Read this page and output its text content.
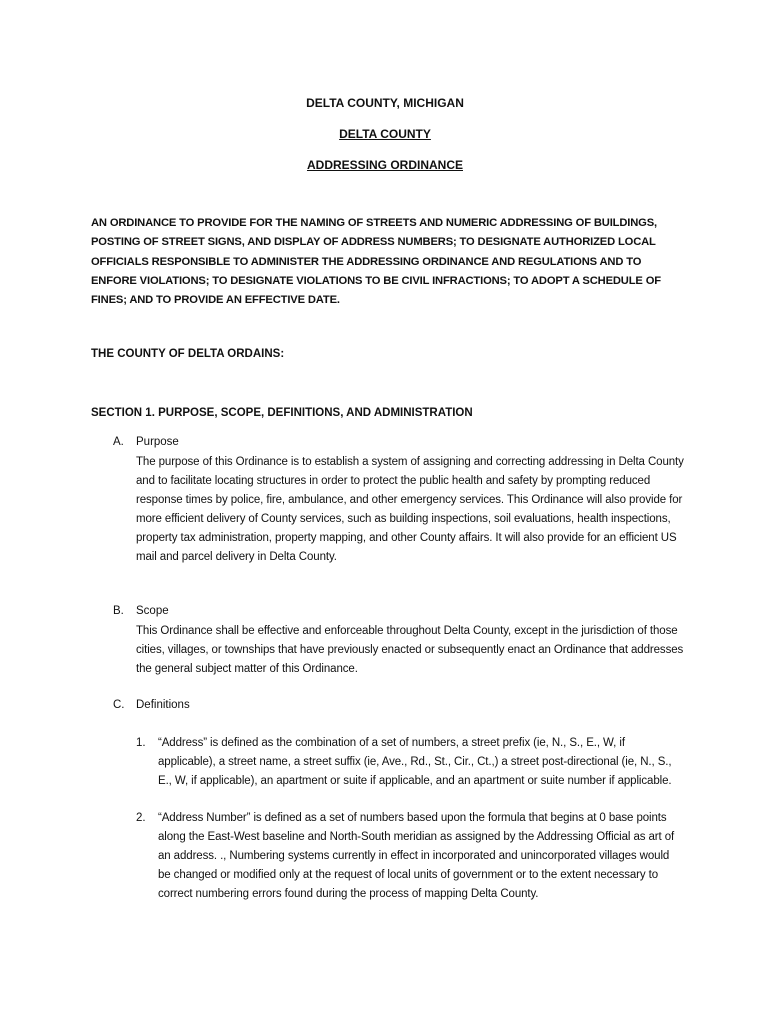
DELTA COUNTY, MICHIGAN
DELTA COUNTY
ADDRESSING ORDINANCE

AN ORDINANCE TO PROVIDE FOR THE NAMING OF STREETS AND NUMERIC ADDRESSING OF BUILDINGS, POSTING OF STREET SIGNS, AND DISPLAY OF ADDRESS NUMBERS; TO DESIGNATE AUTHORIZED LOCAL OFFICIALS RESPONSIBLE TO ADMINISTER THE ADDRESSING ORDINANCE AND REGULATIONS AND TO ENFORE VIOLATIONS; TO DESIGNATE VIOLATIONS TO BE CIVIL INFRACTIONS; TO ADOPT A SCHEDULE OF FINES; AND TO PROVIDE AN EFFECTIVE DATE.

THE COUNTY OF DELTA ORDAINS:

SECTION 1. PURPOSE, SCOPE, DEFINITIONS, AND ADMINISTRATION

A. Purpose

The purpose of this Ordinance is to establish a system of assigning and correcting addressing in Delta County and to facilitate locating structures in order to protect the public health and safety by prompting reduced response times by police, fire, ambulance, and other emergency services. This Ordinance will also provide for more efficient delivery of County services, such as building inspections, soil evaluations, health inspections, property tax administration, property mapping, and other County affairs. It will also provide for an efficient US mail and parcel delivery in Delta County.

B. Scope

This Ordinance shall be effective and enforceable throughout Delta County, except in the jurisdiction of those cities, villages, or townships that have previously enacted or subsequently enact an Ordinance that addresses the general subject matter of this Ordinance.

C. Definitions
1. “Address” is defined as the combination of a set of numbers, a street prefix (ie, N., S., E., W, if applicable), a street name, a street suffix (ie, Ave., Rd., St., Cir., Ct.,) a street post-directional (ie, N., S., E., W, if applicable), an apartment or suite if applicable, and an apartment or suite number if applicable.

2. “Address Number” is defined as a set of numbers based upon the formula that begins at 0 base points along the East-West baseline and North-South meridian as assigned by the Addressing Official as art of an address. ., Numbering systems currently in effect in incorporated and unincorporated villages would be changed or modified only at the request of local units of government or to the extent necessary to correct numbering errors found during the process of mapping Delta County.
